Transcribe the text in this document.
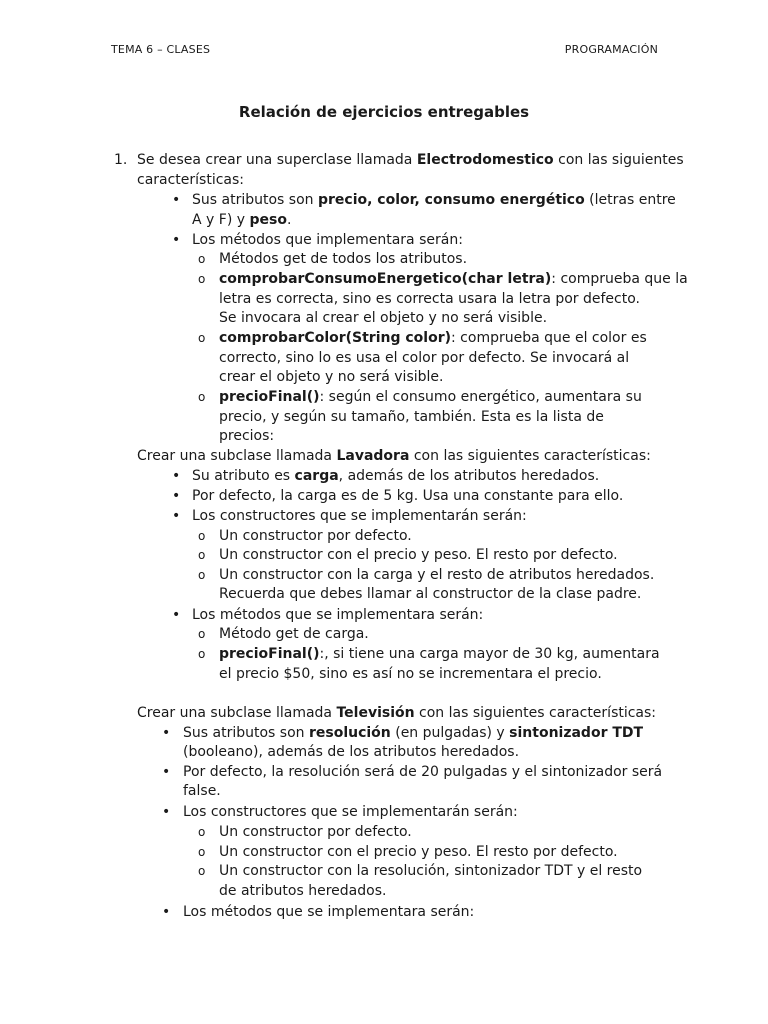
TEMA 6 – CLASES	PROGRAMACIÓN
Relación de ejercicios entregables
1. Se desea crear una superclase llamada Electrodomestico con las siguientes
características:
•
Sus atributos son precio, color, consumo energético (letras entre
A y F) y peso.
•
Los métodos que implementara serán:
o
Métodos get de todos los atributos.
o
comprobarConsumoEnergetico(char letra): comprueba que la
letra es correcta, sino es correcta usara la letra por defecto.
Se invocara al crear el objeto y no será visible.
o
comprobarColor(String color): comprueba que el color es
correcto, sino lo es usa el color por defecto. Se invocará al
crear el objeto y no será visible.
o
precioFinal(): según el consumo energético, aumentara su
precio, y según su tamaño, también. Esta es la lista de
precios:
Crear una subclase llamada Lavadora con las siguientes características:
•
Su atributo es carga, además de los atributos heredados.
•
Por defecto, la carga es de 5 kg. Usa una constante para ello.
•
Los constructores que se implementarán serán:
o
Un constructor por defecto.
o
Un constructor con el precio y peso. El resto por defecto.
o
Un constructor con la carga y el resto de atributos heredados.
Recuerda que debes llamar al constructor de la clase padre.
•
Los métodos que se implementara serán:
o
Método get de carga.
o
precioFinal():, si tiene una carga mayor de 30 kg, aumentara
el precio $50, sino es así no se incrementara el precio.
Crear una subclase llamada Televisión con las siguientes características:
•
Sus atributos son resolución (en pulgadas) y sintonizador TDT
(booleano), además de los atributos heredados.
•
Por defecto, la resolución será de 20 pulgadas y el sintonizador será
false.
•
Los constructores que se implementarán serán:
o
Un constructor por defecto.
o
Un constructor con el precio y peso. El resto por defecto.
o
Un constructor con la resolución, sintonizador TDT y el resto
de atributos heredados.
•
Los métodos que se implementara serán:
